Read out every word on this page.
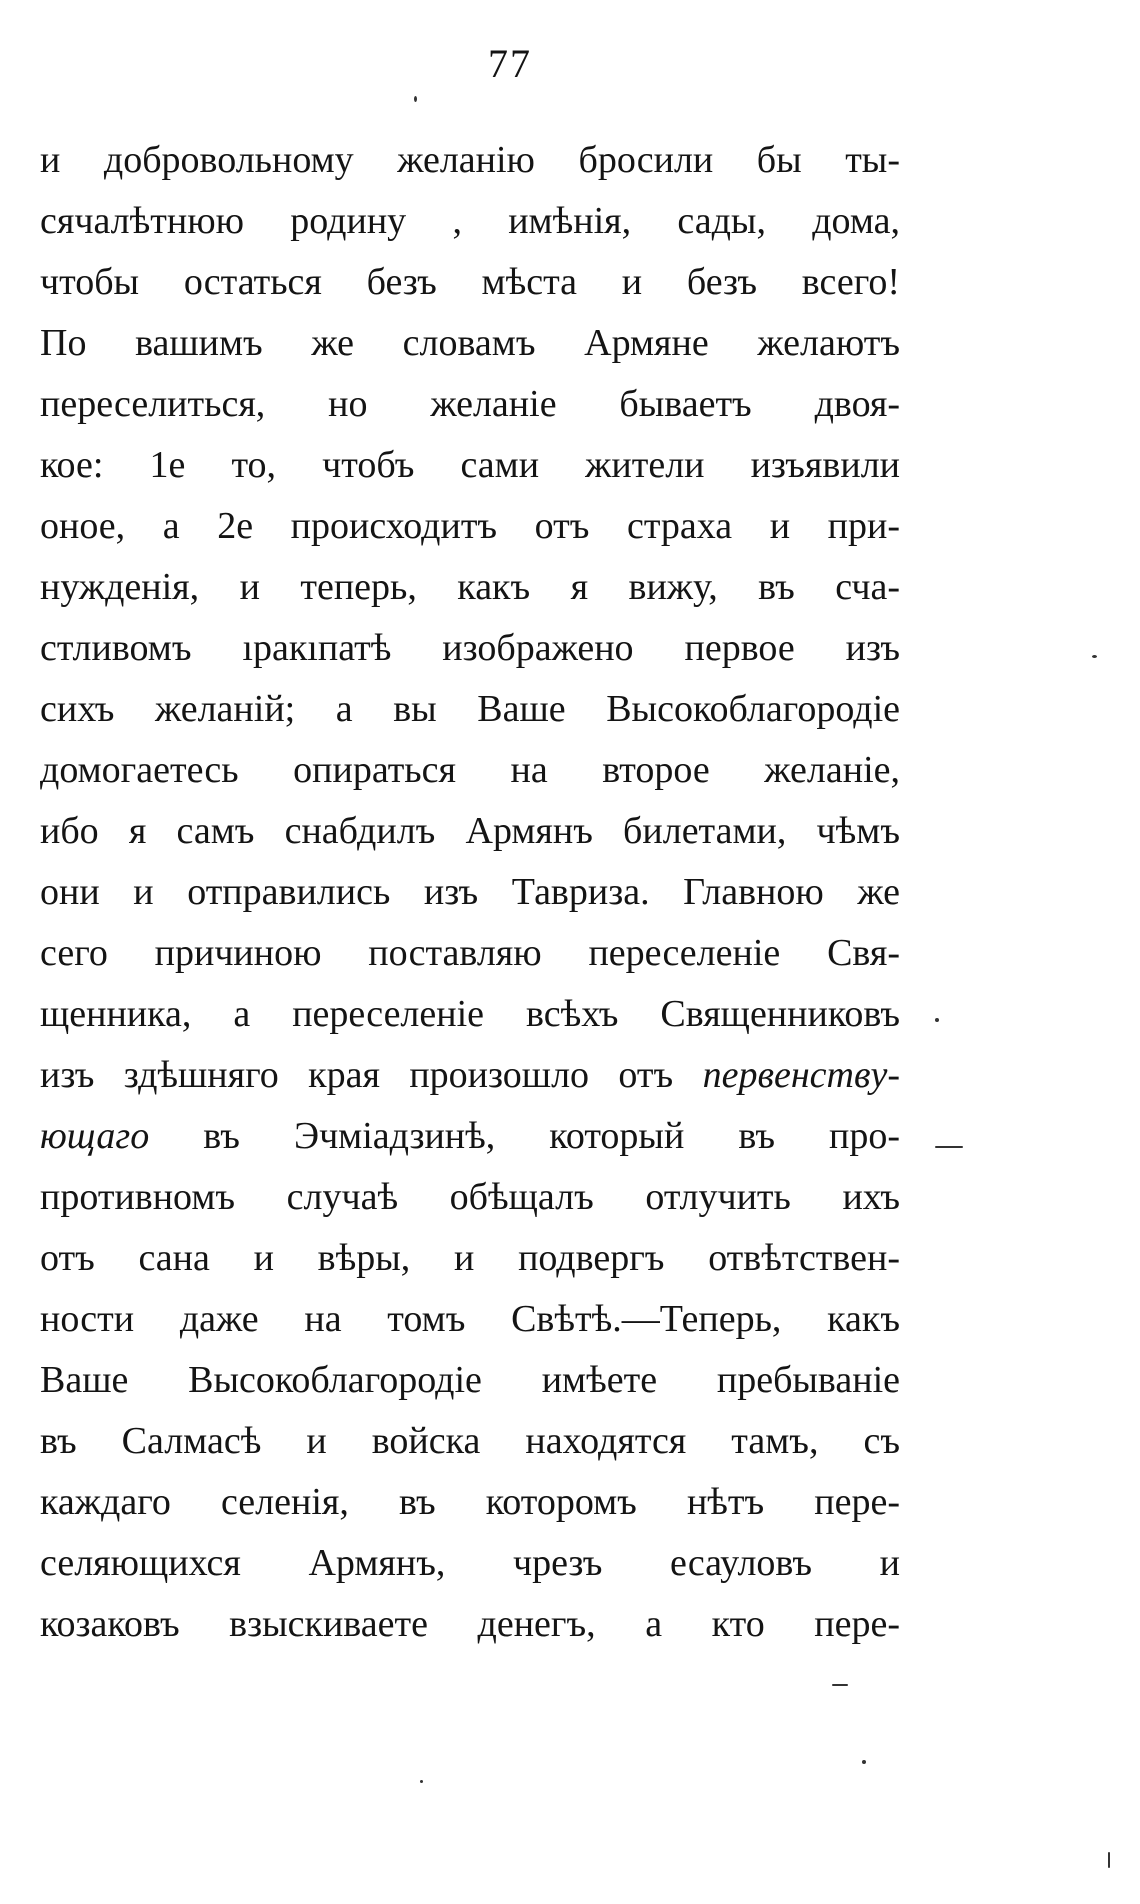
77
и добровольному желанію бросили бы ты-
сячалѣтнюю родину , имѣнія, сады, дома,
чтобы остаться безъ мѣста и безъ всего!
По вашимъ же словамъ Армяне желаютъ
переселиться, но желаніе бываетъ двоя-
кое: 1е то, чтобъ сами жители изъявили
оное, а 2е происходитъ отъ страха и при-
нужденія, и теперь, какъ я вижу, въ сча-
стливомъ ıракıпатѣ изображено первое изъ
сихъ желаній; а вы Ваше Высокоблагородіе
домогаетесь опираться на второе желаніе,
ибо я самъ снабдилъ Армянъ билетами, чѣмъ
они и отправились изъ Тавриза. Главною же
сего причиною поставляю переселеніе Свя-
щенника, а переселеніе всѣхъ Священниковъ
изъ здѣшняго края произошло отъ первенству-
ющаго въ Эчміадзинѣ, который въ про-
противномъ случаѣ обѣщалъ отлучить ихъ
отъ сана и вѣры, и подвергъ отвѣтствен-
ности даже на томъ Свѣтѣ.—Теперь, какъ
Ваше Высокоблагородіе имѣете пребываніе
въ Салмасѣ и войска находятся тамъ, съ
каждаго селенія, въ которомъ нѣтъ пере-
селяющихся Армянъ, чрезъ есауловъ и
козаковъ взыскиваете денегъ, а кто пере-
